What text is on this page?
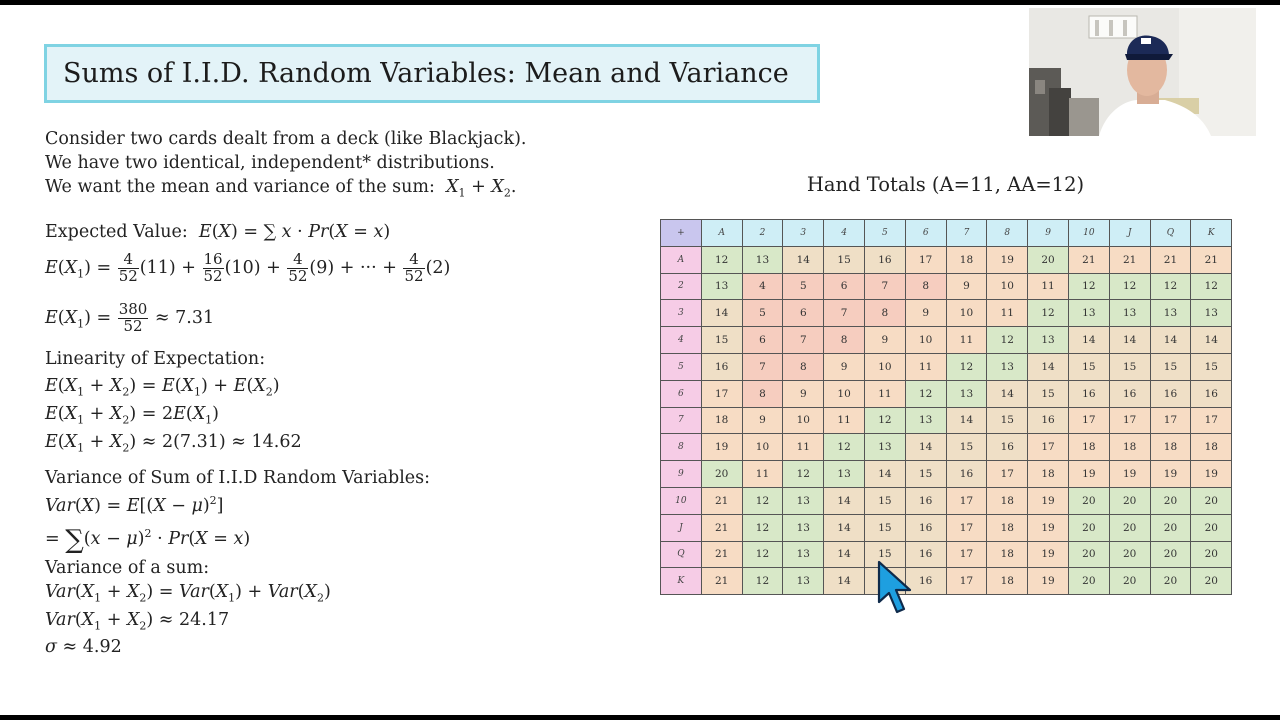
Sums of I.I.D. Random Variables: Mean and Variance
Consider two cards dealt from a deck (like Blackjack).
We have two identical, independent* distributions.
We want the mean and variance of the sum: $X_1 + X_2$.
Expected Value: E(X) = ∑ x · Pr(X = x)
$E(X_1) = \frac{4}{52} (11) + \frac{16}{52} (10) + \frac{4}{52} (9)$ + ··· + $\frac{4}{52} (2)$
$E(X_1) = \frac{380}{52} \approx 7.31$
Linearity of Expectation:
$E(X_1 + X_2) = E(X_1) + E(X_2)$
$E(X_1 + X_2) = 2E(X_1)$
$E(X_1 + X_2) \approx 2(7.31) \approx 14.62$
Variance of Sum of I.I.D Random Variables:
$Var(X) = E[(X - \mu)^2]$
= $\sum(x - \mu)^2 \cdot Pr(X = x)$
Variance of a sum:
$Var(X_1 + X_2) = Var(X_1) + Var(X_2)$
$Var(X_1 + X_2) \approx 24.17$
σ ≈ 4.92
Hand Totals (A=11, AA=12)
+	A	2	3	4	5	6	7	8	9	10	J	Q	K
A	12	13	14	15	16	17	18	19	20	21	21	21	21
2	13	4	5	6	7	8	9	10	11	12	12	12	12
3	14	5	6	7	8	9	10	11	12	13	13	13	13
4	15	6	7	8	9	10	11	12	13	14	14	14	14
5	16	7	8	9	10	11	12	13	14	15	15	15	15
6	17	8	9	10	11	12	13	14	15	16	16	16	16
7	18	9	10	11	12	13	14	15	16	17	17	17	17
8	19	10	11	12	13	14	15	16	17	18	18	18	18
9	20	11	12	13	14	15	16	17	18	19	19	19	19
10	21	12	13	14	15	16	17	18	19	20	20	20	20
J	21	12	13	14	15	16	17	18	19	20	20	20	20
Q	21	12	13	14	15	16	17	18	19	20	20	20	20
K	21	12	13	14		16	17	18	19	20	20	20	20
